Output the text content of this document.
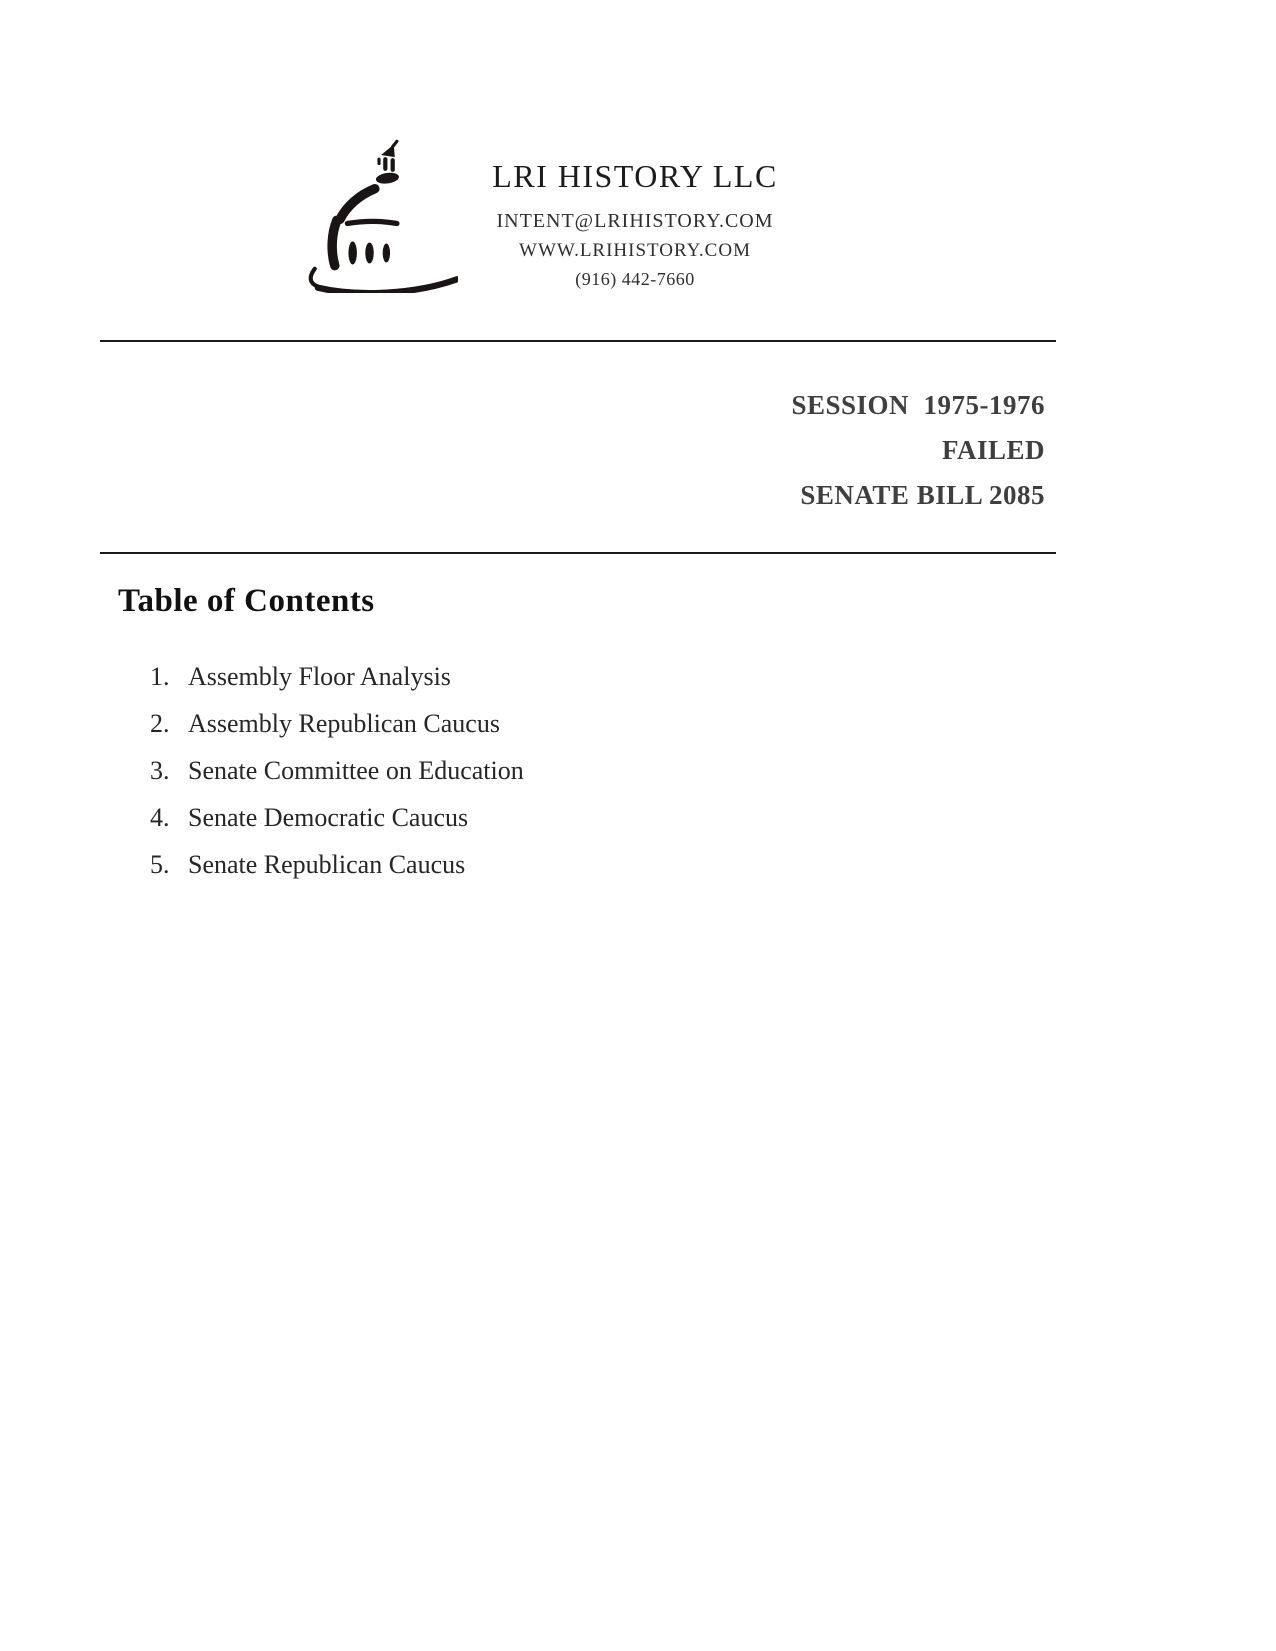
LRI HISTORY LLC
INTENT@LRIHISTORY.COM
WWW.LRIHISTORY.COM
(916) 442-7660
SESSION  1975-1976
FAILED
SENATE BILL 2085
Table of Contents
1. Assembly Floor Analysis
2. Assembly Republican Caucus
3. Senate Committee on Education
4. Senate Democratic Caucus
5. Senate Republican Caucus
